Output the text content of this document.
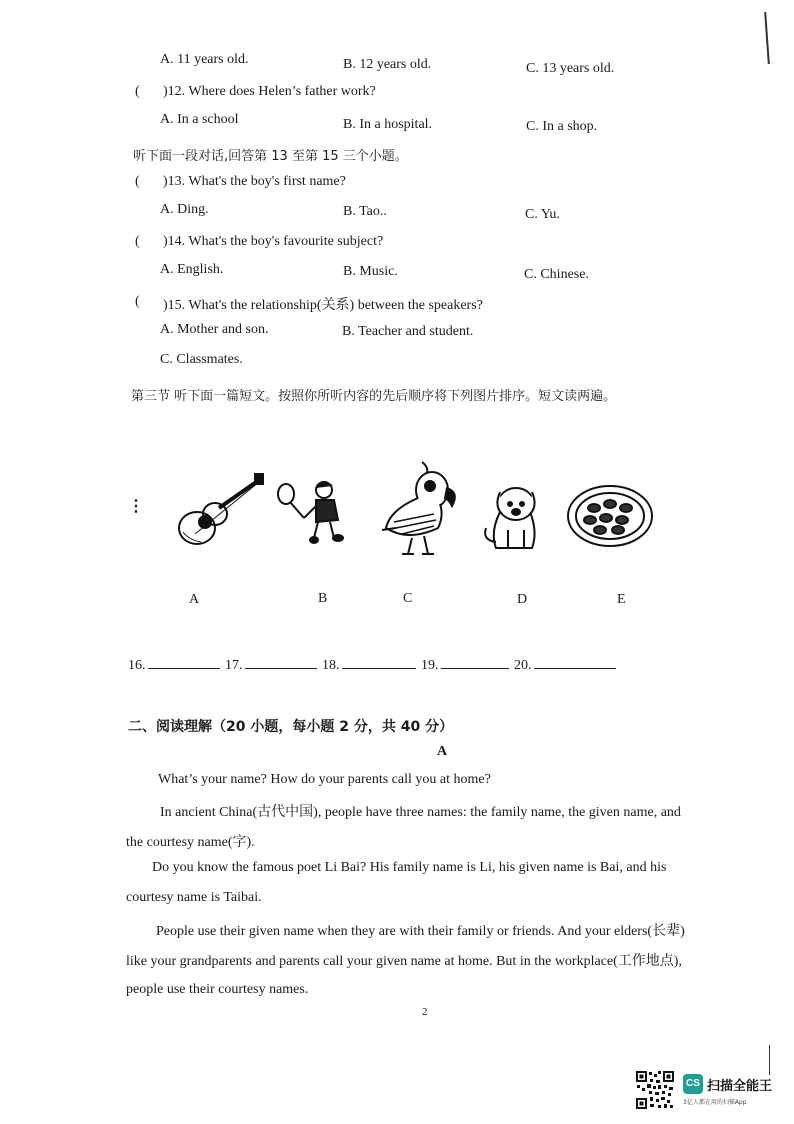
A. 11 years old.	B. 12 years old.	C. 13 years old.
( )12. Where does Helen’s father work?
A. In a school	B. In a hospital.	C. In a shop.
听下面一段对话,回答第 13 至第 15 三个小题。
( )13. What's the boy's first name?
A. Ding.	B. Tao..	C. Yu.
( )14. What's the boy's favourite subject?
A. English.	B. Music.	C. Chinese.
( )15. What's the relationship(关系) between the speakers?
A. Mother and son.	B. Teacher and student.
C. Classmates.
第三节 听下面一篇短文。按照你所听内容的先后顺序将下列图片排序。短文读两遍。
⋮
A	B	C	D	E
16.	17.	18.	19.	20.
二、阅读理解（20 小题，每小题 2 分，共 40 分）
A
What’s your name? How do your parents call you at home?
In ancient China(古代中国), people have three names: the family name, the given name, and
the courtesy name(字).
Do you know the famous poet Li Bai? His family name is Li, his given name is Bai, and his
courtesy name is Taibai.
People use their given name when they are with their family or friends. And your elders(长辈)
like your grandparents and parents call your given name at home. But in the workplace(工作地点),
people use their courtesy names.
2
CS 扫描全能王
3亿人都在用的扫描App
